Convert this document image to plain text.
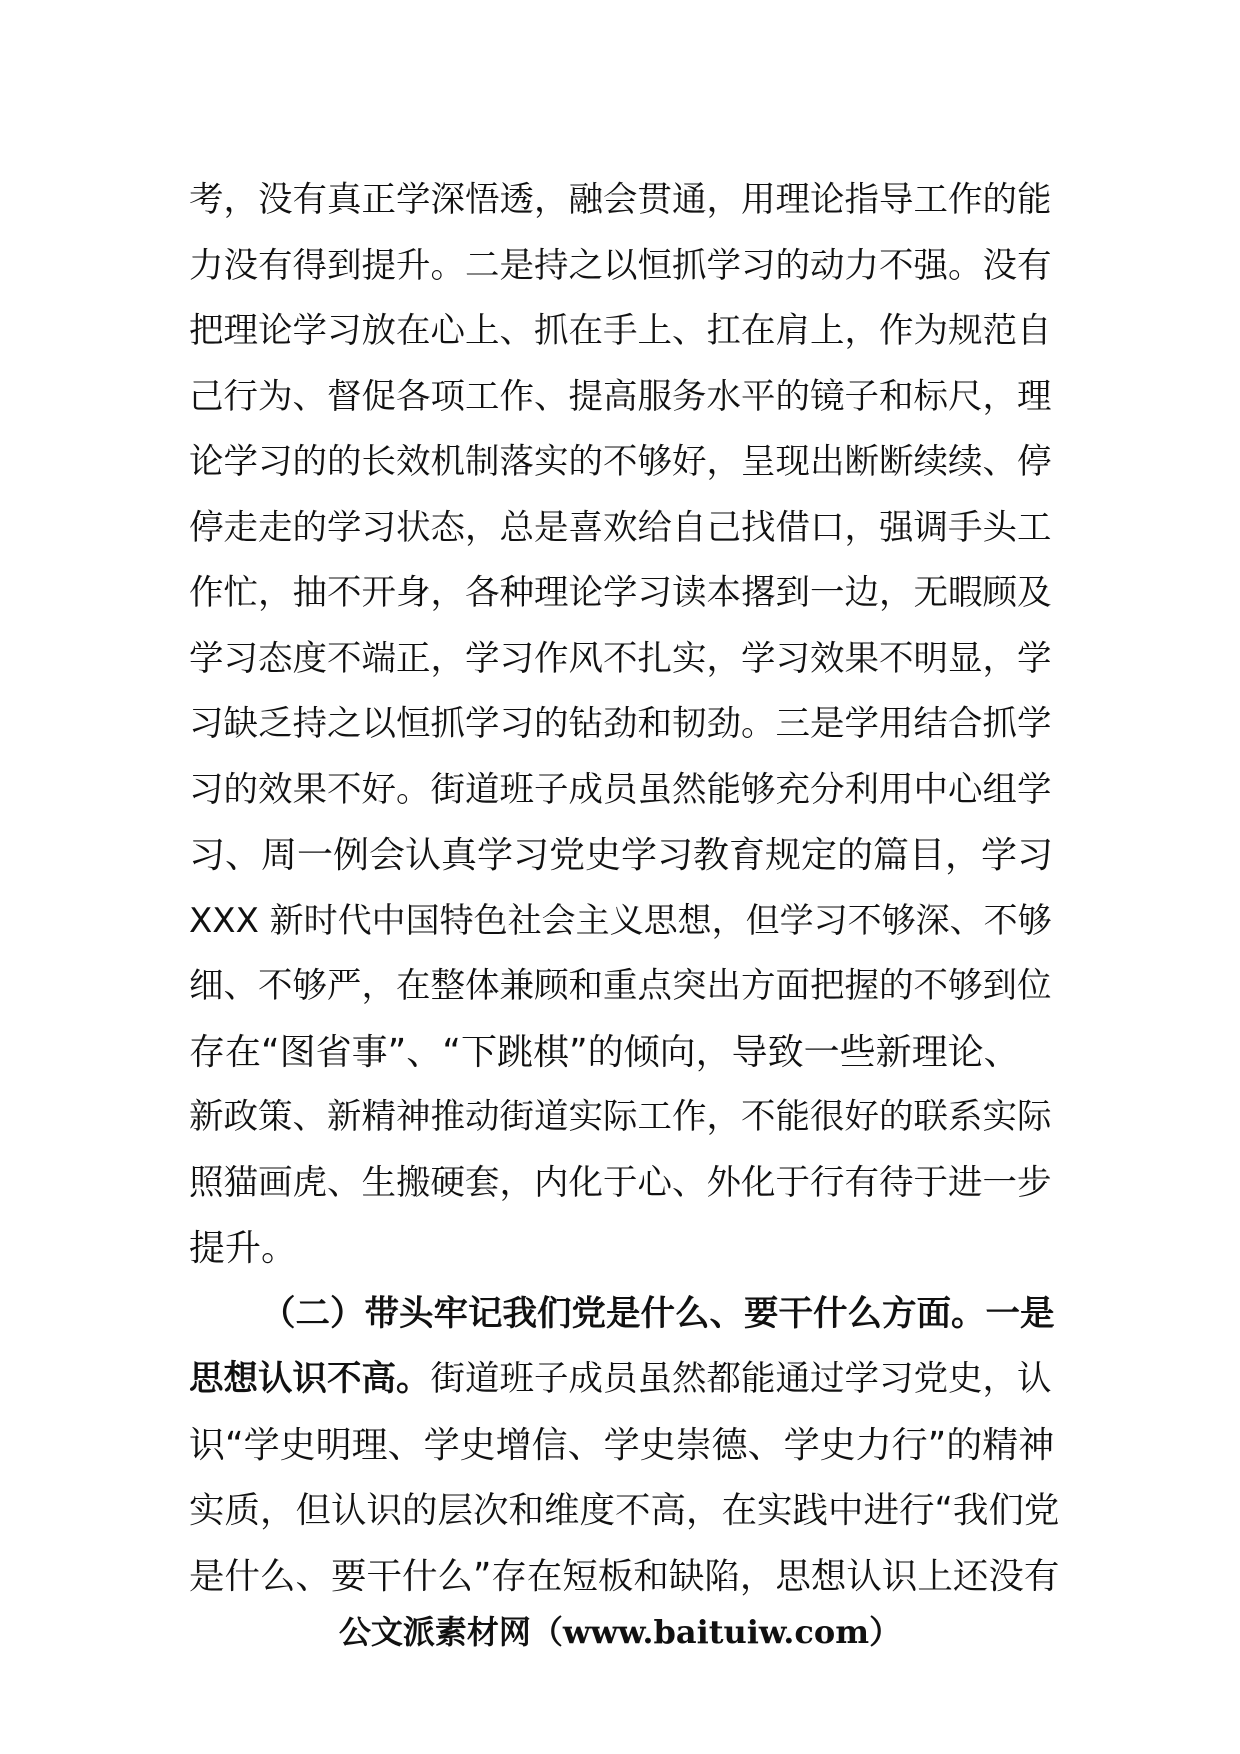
考，没有真正学深悟透，融会贯通，用理论指导工作的能
力没有得到提升。二是持之以恒抓学习的动力不强。没有
把理论学习放在心上、抓在手上、扛在肩上，作为规范自
己行为、督促各项工作、提高服务水平的镜子和标尺，理
论学习的的长效机制落实的不够好，呈现出断断续续、停
停走走的学习状态，总是喜欢给自己找借口，强调手头工
作忙，抽不开身，各种理论学习读本撂到一边，无暇顾及
学习态度不端正，学习作风不扎实，学习效果不明显，学
习缺乏持之以恒抓学习的钻劲和韧劲。三是学用结合抓学
习的效果不好。街道班子成员虽然能够充分利用中心组学
习、周一例会认真学习党史学习教育规定的篇目，学习
XXX 新时代中国特色社会主义思想，但学习不够深、不够
细、不够严，在整体兼顾和重点突出方面把握的不够到位
存在“图省事”、“下跳棋”的倾向，导致一些新理论、
新政策、新精神推动街道实际工作，不能很好的联系实际
照猫画虎、生搬硬套，内化于心、外化于行有待于进一步
提升。
（二）带头牢记我们党是什么、要干什么方面。一是
思想认识不高。街道班子成员虽然都能通过学习党史，认
识“学史明理、学史增信、学史崇德、学史力行”的精神
实质，但认识的层次和维度不高，在实践中进行“我们党
是什么、要干什么”存在短板和缺陷，思想认识上还没有
公文派素材网（www.baituiw.com）
